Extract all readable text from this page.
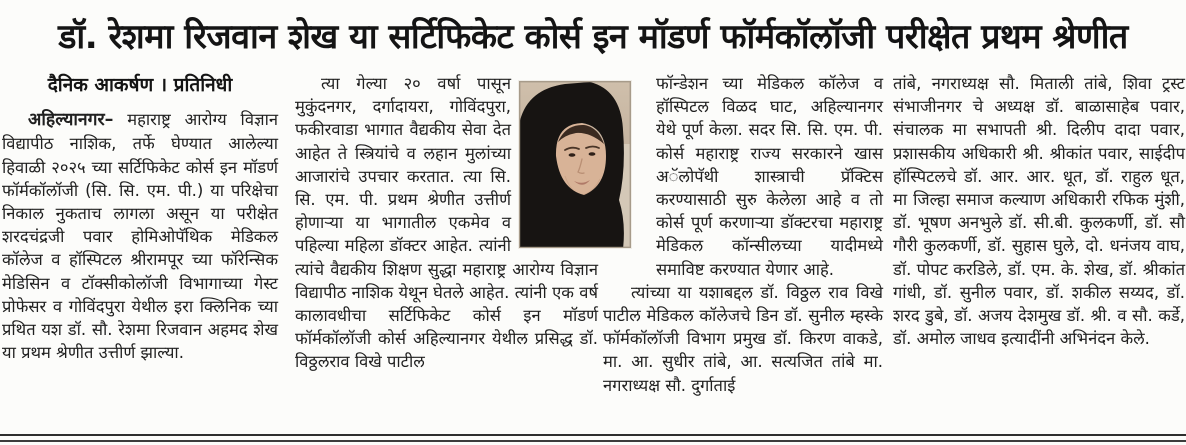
डॉ. रेशमा रिजवान शेख या सर्टिफिकेट कोर्स इन मॉडर्ण फॉर्मकॉलॉजी परीक्षेत प्रथम श्रेणीत
दैनिक आकर्षण । प्रतिनिधी

अहिल्यानगर– महाराष्ट्र आरोग्य विज्ञान विद्यापीठ नाशिक, तर्फे घेण्यात आलेल्या हिवाळी २०२५ च्या सर्टिफिकेट कोर्स इन मॉडर्ण फॉर्मकॉलॉजी (सि. सि. एम. पी.) या परिक्षेचा निकाल नुकताच लागला असून या परीक्षेत शरदचंद्रजी पवार होमिओपॅथिक मेडिकल कॉलेज व हॉस्पिटल श्रीरामपूर च्या फॉरेन्सिक मेडिसिन व टॉक्सीकोलॉजी विभागाच्या गेस्ट प्रोफेसर व गोविंदपुरा येथील इरा क्लिनिक च्या प्रथित यश डॉ. सौ. रेशमा रिजवान अहमद शेख या प्रथम श्रेणीत उत्तीर्ण झाल्या.

त्या गेल्या २० वर्षा पासून मुकुंदनगर, दर्गादायरा, गोविंदपुरा, फकीरवाडा भागात वैद्यकीय सेवा देत आहेत ते स्त्रियांचे व लहान मुलांच्या आजारांचे उपचार करतात. त्या सि. सि. एम. पी. प्रथम श्रेणीत उत्तीर्ण होणाऱ्या या भागातील एकमेव व पहिल्या महिला डॉक्टर आहेत. त्यांनी त्यांचे वैद्यकीय शिक्षण सुद्धा महाराष्ट्र आरोग्य विज्ञान विद्यापीठ नाशिक येथून घेतले आहेत. त्यांनी एक वर्ष कालावधीचा सर्टिफिकेट कोर्स इन मॉडर्ण फॉर्मकॉलॉजी कोर्स अहिल्यानगर येथील प्रसिद्ध डॉ. विठ्ठलराव विखे पाटील

फॉन्डेशन च्या मेडिकल कॉलेज व हॉस्पिटल विळद घाट, अहिल्यानगर येथे पूर्ण केला. सदर सि. सि. एम. पी. कोर्स महाराष्ट्र राज्य सरकारने खास अॅलोपॅथी शास्त्राची प्रॅक्टिस करण्यासाठी सुरु केलेला आहे व तो कोर्स पूर्ण करणाऱ्या डॉक्टरचा महाराष्ट्र मेडिकल कॉन्सीलच्या यादीमध्ये समाविष्ट करण्यात येणार आहे.

त्यांच्या या यशाबद्दल डॉ. विठ्ठल राव विखे पाटील मेडिकल कॉलेजचे डिन डॉ. सुनील म्हस्के फॉर्मकॉलॉजी विभाग प्रमुख डॉ. किरण वाकडे, मा. आ. सुधीर तांबे, आ. सत्यजित तांबे मा. नगराध्यक्ष सौ. दुर्गाताई

तांबे, नगराध्यक्ष सौ. मिताली तांबे, शिवा ट्रस्ट संभाजीनगर चे अध्यक्ष डॉ. बाळासाहेब पवार, संचालक मा सभापती श्री. दिलीप दादा पवार, प्रशासकीय अधिकारी श्री. श्रीकांत पवार, साईदीप हॉस्पिटलचे डॉ. आर. आर. धूत, डॉ. राहुल धूत, मा जिल्हा समाज कल्याण अधिकारी रफिक मुंशी, डॉ. भूषण अनभुले डॉ. सी.बी. कुलकर्णी, डॉ. सौ गौरी कुलकर्णी, डॉ. सुहास घुले, दो. धनंजय वाघ, डॉ. पोपट करडिले, डॉ. एम. के. शेख, डॉ. श्रीकांत गांधी, डॉ. सुनील पवार, डॉ. शकील सय्यद, डॉ. शरद डुबे, डॉ. अजय देशमुख डॉ. श्री. व सौ. कर्डे, डॉ. अमोल जाधव इत्यादींनी अभिनंदन केले.
